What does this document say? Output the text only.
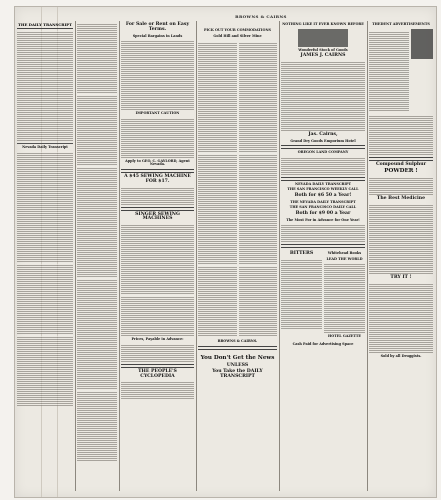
BROWNS & CAIRNS
THE DAILY TRANSCRIPT
Nevada Daily Transcript
For Sale or Rent on Easy Terms.
Special Bargains in Lands
IMPORTANT CAUTION
Apply to GEO. C. GAYLORD, Agent Nevada.
A $45 SEWING MACHINE FOR $17.
SINGER SEWING MACHINES
Prices, Payable in Advance:
THE PEOPLE'S CYCLOPEDIA
PICK OUT YOUR COMMODATIONS
Gold Hill and Silver Mine
BROWNS & CAIRNS.
You Don't Get the News
UNLESS
You Take the DAILY TRANSCRIPT
NOTHING LIKE IT EVER KNOWN BEFORE
Wonderful Stock of Goods
JAMES J. CAIRNS
Jas. Cairns,
Grand Dry Goods Emporium Hotel
OREGON LAND COMPANY
NEVADA DAILY TRANSCRIPT
THE SAN FRANCISCO WEEKLY CALL
Both for $6 50 a Year!
THE NEVADA DAILY TRANSCRIPT
THE SAN FRANCISCO DAILY CALL
Both for $9 00 a Year
The Most For in Advance for One Year!
BITTERS	Whitehead Books
LEAD THE WORLD
HOTEL GAZETTE
Cash Paid for Advertising Space
THEDENT ADVERTISEMENTS
Compound Sulphur
POWDER !
The Best Medicine
TRY IT !
Sold by all Druggists.
